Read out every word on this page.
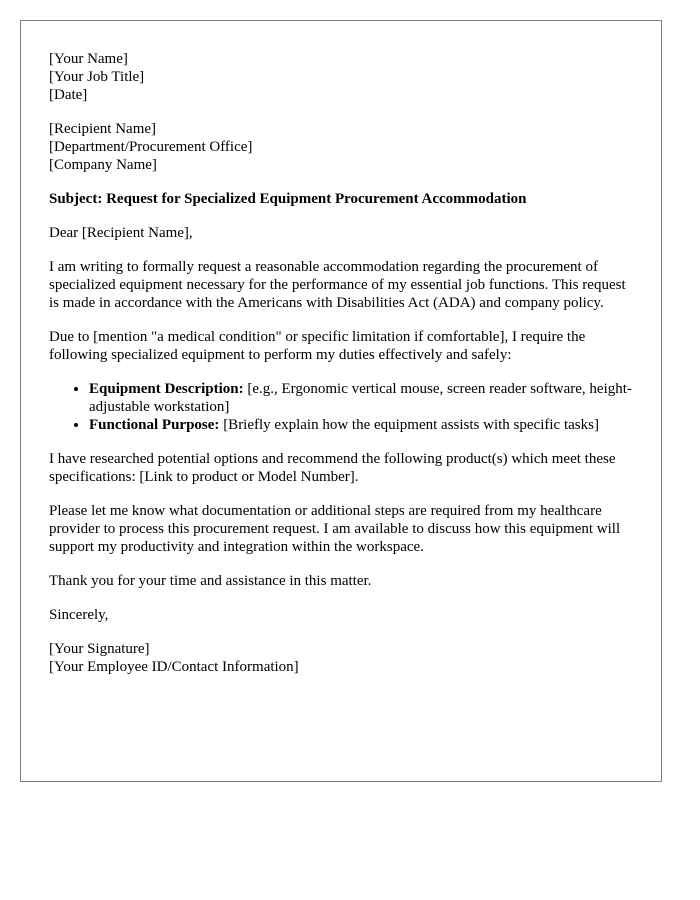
[Your Name]
[Your Job Title]
[Date]

[Recipient Name]
[Department/Procurement Office]
[Company Name]

Subject: Request for Specialized Equipment Procurement Accommodation

Dear [Recipient Name],

I am writing to formally request a reasonable accommodation regarding the procurement of specialized equipment necessary for the performance of my essential job functions. This request is made in accordance with the Americans with Disabilities Act (ADA) and company policy.

Due to [mention "a medical condition" or specific limitation if comfortable], I require the following specialized equipment to perform my duties effectively and safely:

• Equipment Description: [e.g., Ergonomic vertical mouse, screen reader software, height-adjustable workstation]
• Functional Purpose: [Briefly explain how the equipment assists with specific tasks]

I have researched potential options and recommend the following product(s) which meet these specifications: [Link to product or Model Number].

Please let me know what documentation or additional steps are required from my healthcare provider to process this procurement request. I am available to discuss how this equipment will support my productivity and integration within the workspace.

Thank you for your time and assistance in this matter.

Sincerely,

[Your Signature]
[Your Employee ID/Contact Information]
